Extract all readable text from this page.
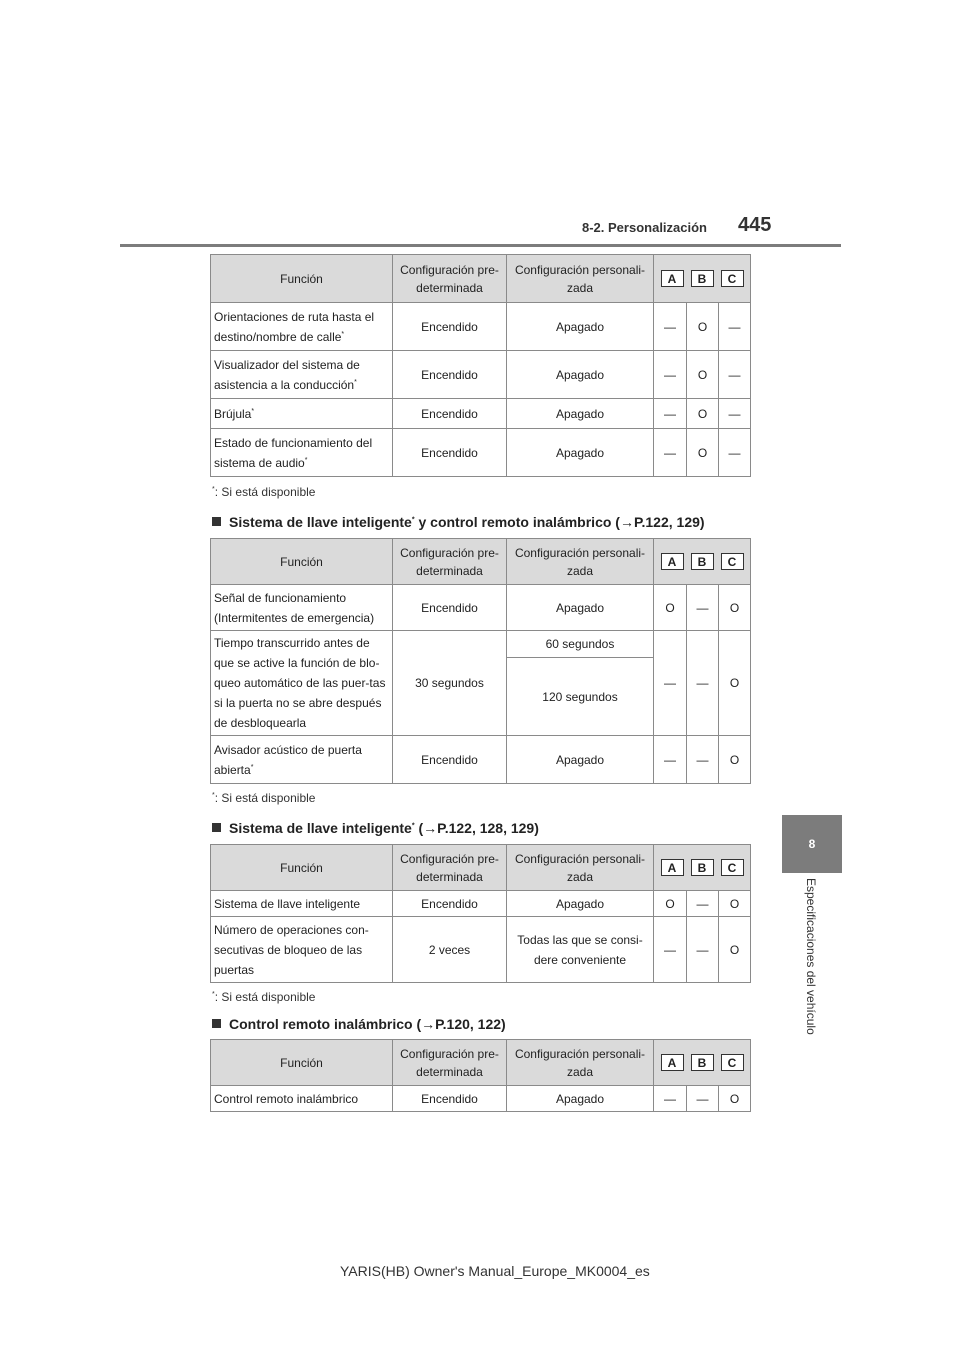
8-2. Personalización 445
8
Especificaciones del vehículo
Función	Configuración pre-determinada	Configuración personali-zada	A B C		

Orientaciones de ruta hasta el destino/nombre de calle*	Encendido	Apagado	—	O	—
Visualizador del sistema de asistencia a la conducción*	Encendido	Apagado	—	O	—
Brújula*	Encendido	Apagado	—	O	—
Estado de funcionamiento del sistema de audio*	Encendido	Apagado	—	O	—
*: Si está disponible
Sistema de llave inteligente* y control remoto inalámbrico (→P.122, 129)
Función	Configuración pre-determinada	Configuración personali-zada	A B C		

Señal de funcionamiento (Intermitentes de emergencia)	Encendido	Apagado	O	—	O
Tiempo transcurrido antes de que se active la función de blo-queo automático de las puer-tas si la puerta no se abre después de desbloquearla	30 segundos	60 segundos	—	—	O
		120 segundos			
Avisador acústico de puerta abierta*	Encendido	Apagado	—	—	O
*: Si está disponible
Sistema de llave inteligente* (→P.122, 128, 129)
Función	Configuración pre-determinada	Configuración personali-zada	A B C		

Sistema de llave inteligente	Encendido	Apagado	O	—	O
Número de operaciones con-secutivas de bloqueo de las puertas	2 veces	Todas las que se consi-dere conveniente	—	—	O
*: Si está disponible
Control remoto inalámbrico (→P.120, 122)
Función	Configuración pre-determinada	Configuración personali-zada	A B C		

Control remoto inalámbrico	Encendido	Apagado	—	—	O
YARIS(HB) Owner's Manual_Europe_MK0004_es
